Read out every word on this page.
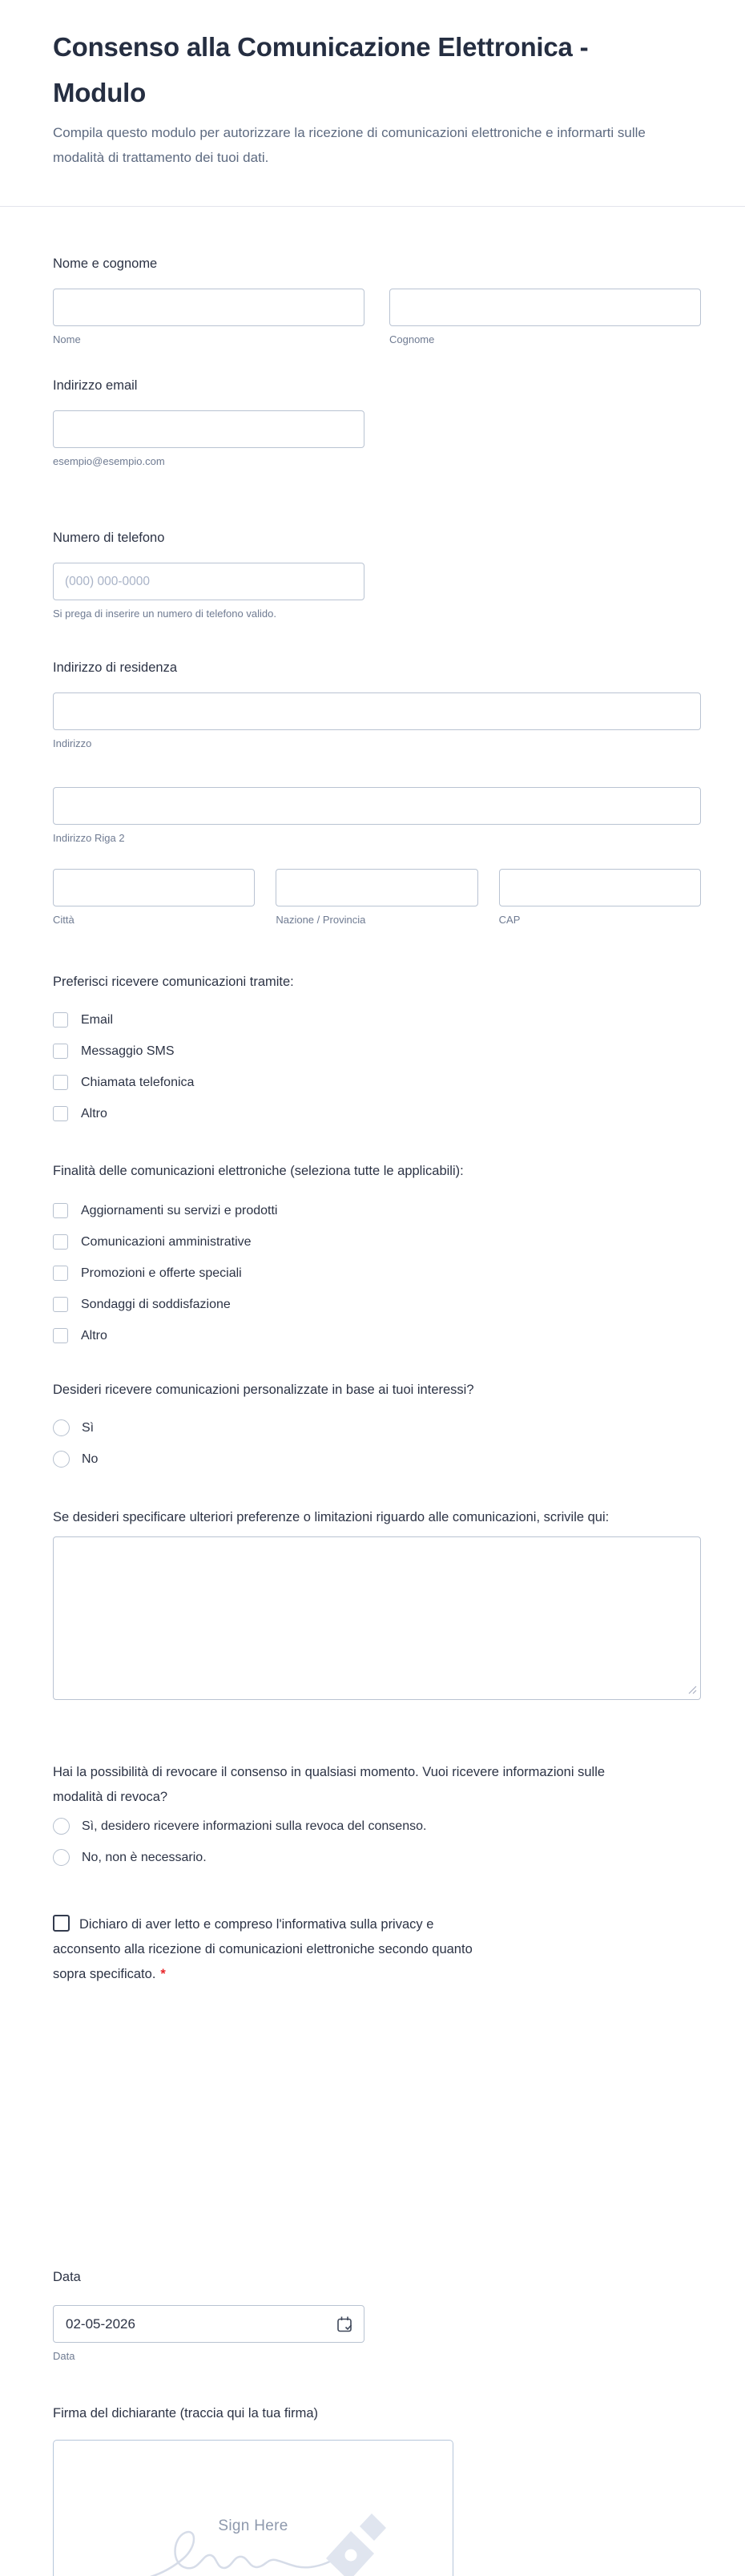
Consenso alla Comunicazione Elettronica - Modulo
Compila questo modulo per autorizzare la ricezione di comunicazioni elettroniche e informarti sulle modalità di trattamento dei tuoi dati.
Nome e cognome
Nome	Cognome
Indirizzo email
esempio@esempio.com
Numero di telefono
(000) 000-0000
Si prega di inserire un numero di telefono valido.
Indirizzo di residenza
Indirizzo
Indirizzo Riga 2
Città	Nazione / Provincia	CAP
Preferisci ricevere comunicazioni tramite:
Email
Messaggio SMS
Chiamata telefonica
Altro
Finalità delle comunicazioni elettroniche (seleziona tutte le applicabili):
Aggiornamenti su servizi e prodotti
Comunicazioni amministrative
Promozioni e offerte speciali
Sondaggi di soddisfazione
Altro
Desideri ricevere comunicazioni personalizzate in base ai tuoi interessi?
Sì
No
Se desideri specificare ulteriori preferenze o limitazioni riguardo alle comunicazioni, scrivile qui:
Hai la possibilità di revocare il consenso in qualsiasi momento. Vuoi ricevere informazioni sulle modalità di revoca?
Sì, desidero ricevere informazioni sulla revoca del consenso.
No, non è necessario.
Dichiaro di aver letto e compreso l'informativa sulla privacy e
acconsento alla ricezione di comunicazioni elettroniche secondo quanto
sopra specificato. *
Data
02-05-2026
Data
Firma del dichiarante (traccia qui la tua firma)
Sign Here
